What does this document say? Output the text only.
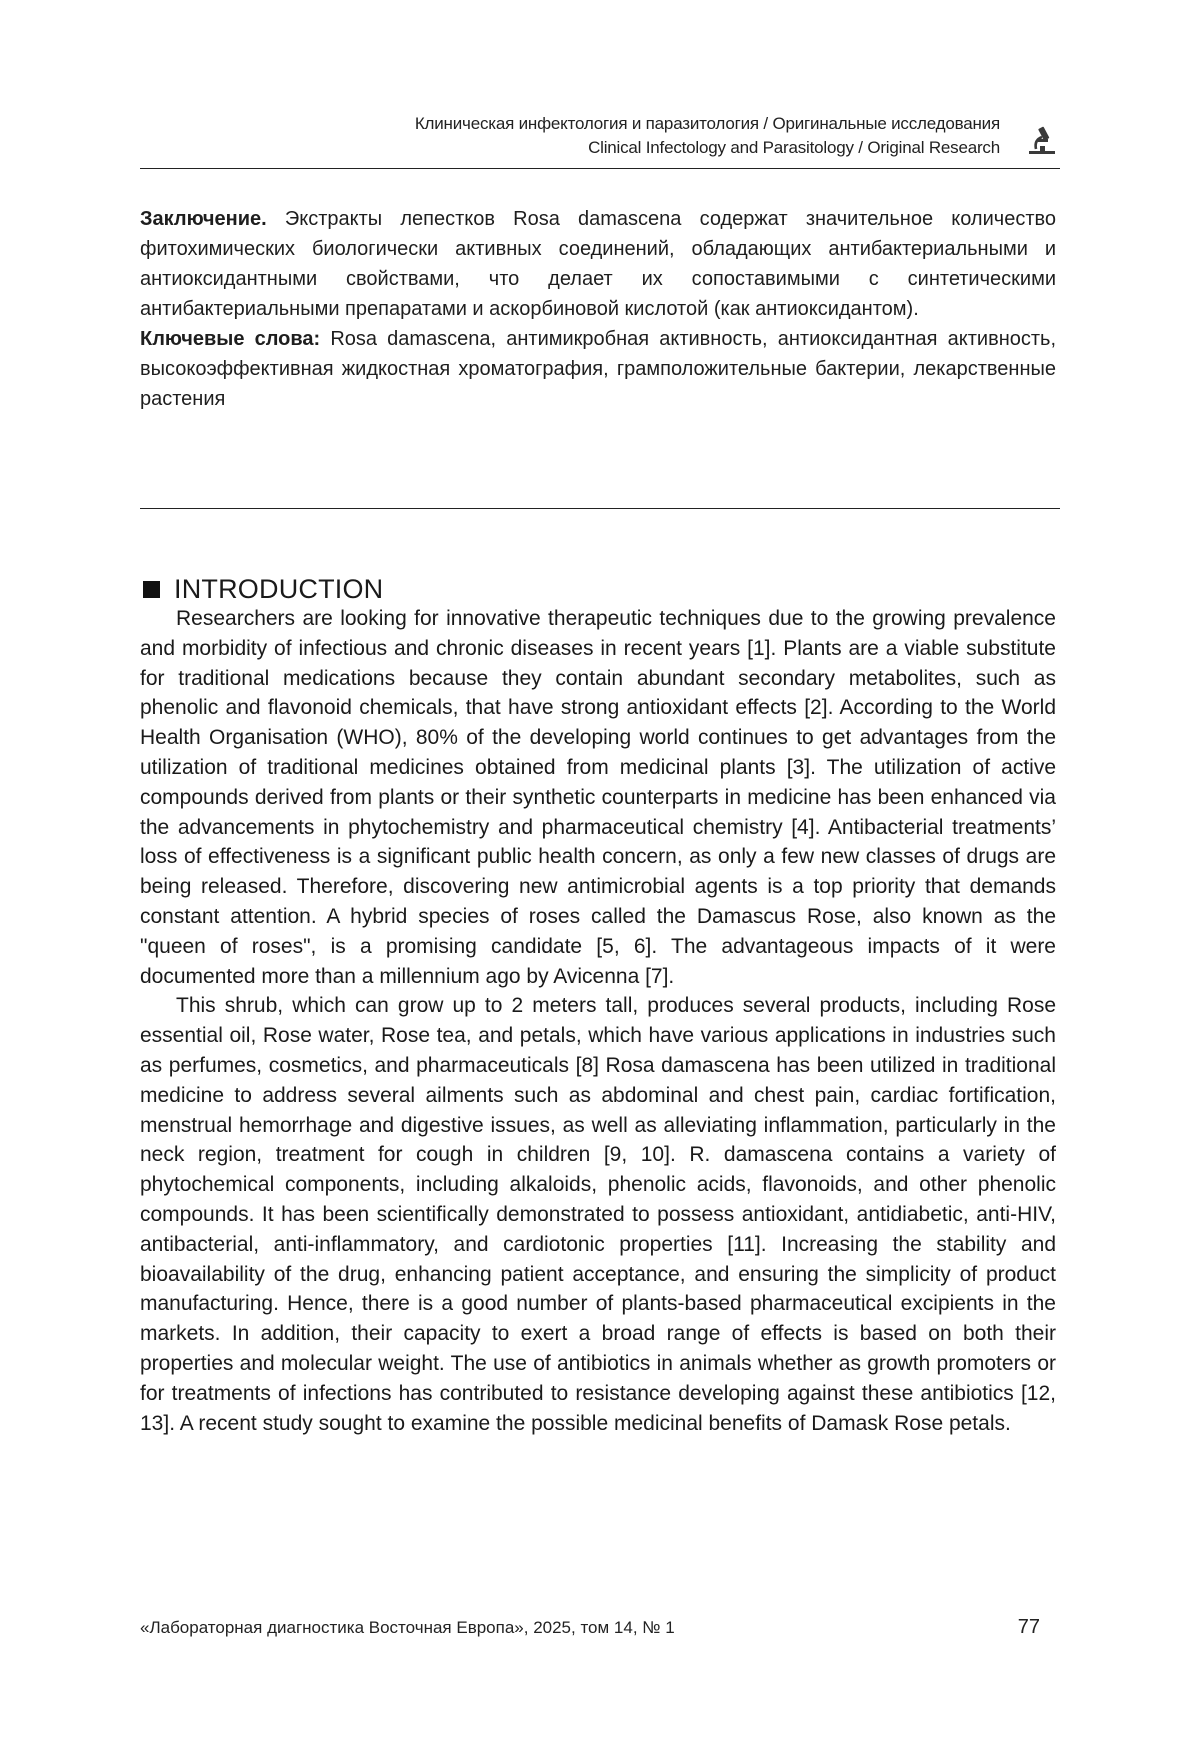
Клиническая инфектология и паразитология / Оригинальные исследования
Clinical Infectology and Parasitology / Original Research

Заключение. Экстракты лепестков Rosa damascena содержат значительное количество фитохимических биологически активных соединений, обладающих антибактериальными и антиоксидантными свойствами, что делает их сопоставимыми с синтетическими антибактериальными препаратами и аскорбиновой кислотой (как антиоксидантом).

Ключевые слова: Rosa damascena, антимикробная активность, антиоксидантная активность, высокоэффективная жидкостная хроматография, грамположительные бактерии, лекарственные растения

INTRODUCTION

Researchers are looking for innovative therapeutic techniques due to the growing prevalence and morbidity of infectious and chronic diseases in recent years [1]. Plants are a viable substitute for traditional medications because they contain abundant secondary metabolites, such as phenolic and flavonoid chemicals, that have strong antioxidant effects [2]. According to the World Health Organisation (WHO), 80% of the developing world continues to get advantages from the utilization of traditional medicines obtained from medicinal plants [3]. The utilization of active compounds derived from plants or their synthetic counterparts in medicine has been enhanced via the advancements in phytochemistry and pharmaceutical chemistry [4]. Antibacterial treatments’ loss of effectiveness is a significant public health concern, as only a few new classes of drugs are being released. Therefore, discovering new antimicrobial agents is a top priority that demands constant attention. A hybrid species of roses called the Damascus Rose, also known as the "queen of roses", is a promising candidate [5, 6]. The advantageous impacts of it were documented more than a millennium ago by Avicenna [7].

This shrub, which can grow up to 2 meters tall, produces several products, including Rose essential oil, Rose water, Rose tea, and petals, which have various applications in industries such as perfumes, cosmetics, and pharmaceuticals [8] Rosa damascena has been utilized in traditional medicine to address several ailments such as abdominal and chest pain, cardiac fortification, menstrual hemorrhage and digestive issues, as well as alleviating inflammation, particularly in the neck region, treatment for cough in children [9, 10]. R. damascena contains a variety of phytochemical components, including alkaloids, phenolic acids, flavonoids, and other phenolic compounds. It has been scientifically demonstrated to possess antioxidant, antidiabetic, anti-HIV, antibacterial, anti-inflammatory, and cardiotonic properties [11]. Increasing the stability and bioavailability of the drug, enhancing patient acceptance, and ensuring the simplicity of product manufacturing. Hence, there is a good number of plants-based pharmaceutical excipients in the markets. In addition, their capacity to exert a broad range of effects is based on both their properties and molecular weight. The use of antibiotics in animals whether as growth promoters or for treatments of infections has contributed to resistance developing against these antibiotics [12, 13]. A recent study sought to examine the possible medicinal benefits of Damask Rose petals.

«Лабораторная диагностика Восточная Европа», 2025, том 14, № 1	77
